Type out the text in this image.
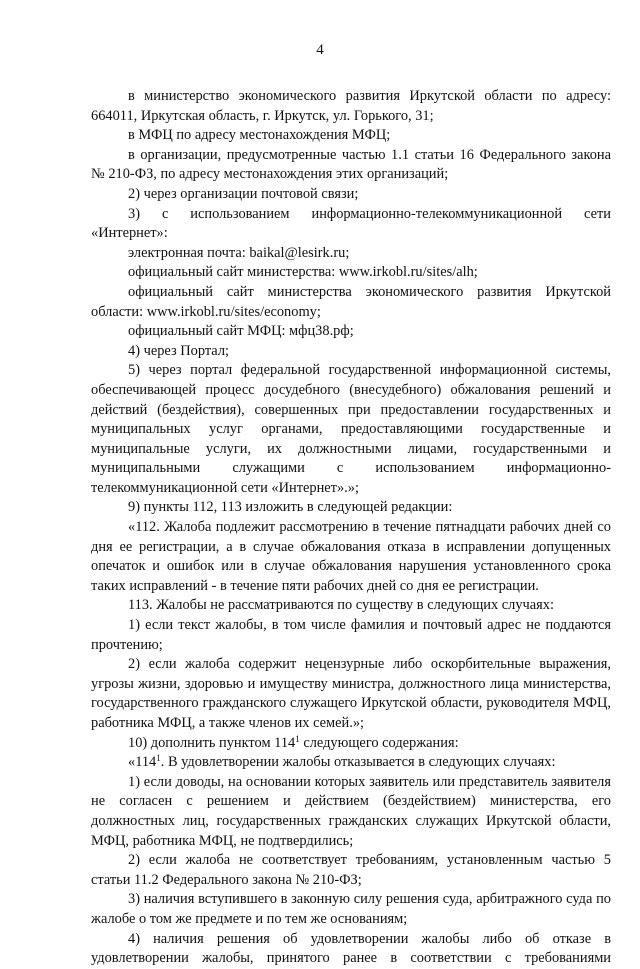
4

в министерство экономического развития Иркутской области по адресу: 664011, Иркутская область, г. Иркутск, ул. Горького, 31;

в МФЦ по адресу местонахождения МФЦ;

в организации, предусмотренные частью 1.1 статьи 16 Федерального закона № 210-ФЗ, по адресу местонахождения этих организаций;

2) через организации почтовой связи;

3) с использованием информационно-телекоммуникационной сети «Интернет»:

электронная почта: baikal@lesirk.ru;

официальный сайт министерства: www.irkobl.ru/sites/alh;

официальный сайт министерства экономического развития Иркутской области: www.irkobl.ru/sites/economy;

официальный сайт МФЦ: мфц38.рф;

4) через Портал;

5) через портал федеральной государственной информационной системы, обеспечивающей процесс досудебного (внесудебного) обжалования решений и действий (бездействия), совершенных при предоставлении государственных и муниципальных услуг органами, предоставляющими государственные и муниципальные услуги, их должностными лицами, государственными и муниципальными служащими с использованием информационно-телекоммуникационной сети «Интернет».»;

9) пункты 112, 113 изложить в следующей редакции:

«112. Жалоба подлежит рассмотрению в течение пятнадцати рабочих дней со дня ее регистрации, а в случае обжалования отказа в исправлении допущенных опечаток и ошибок или в случае обжалования нарушения установленного срока таких исправлений - в течение пяти рабочих дней со дня ее регистрации.

113. Жалобы не рассматриваются по существу в следующих случаях:

1) если текст жалобы, в том числе фамилия и почтовый адрес не поддаются прочтению;

2) если жалоба содержит нецензурные либо оскорбительные выражения, угрозы жизни, здоровью и имуществу министра, должностного лица министерства, государственного гражданского служащего Иркутской области, руководителя МФЦ, работника МФЦ, а также членов их семей.»;

10) дополнить пунктом $114^1$ следующего содержания:

«$114^1$. В удовлетворении жалобы отказывается в следующих случаях:

1) если доводы, на основании которых заявитель или представитель заявителя не согласен с решением и действием (бездействием) министерства, его должностных лиц, государственных гражданских служащих Иркутской области, МФЦ, работника МФЦ, не подтвердились;

2) если жалоба не соответствует требованиям, установленным частью 5 статьи 11.2 Федерального закона № 210-ФЗ;

3) наличия вступившего в законную силу решения суда, арбитражного суда по жалобе о том же предмете и по тем же основаниям;

4) наличия решения об удовлетворении жалобы либо об отказе в удовлетворении жалобы, принятого ранее в соответствии с требованиями
